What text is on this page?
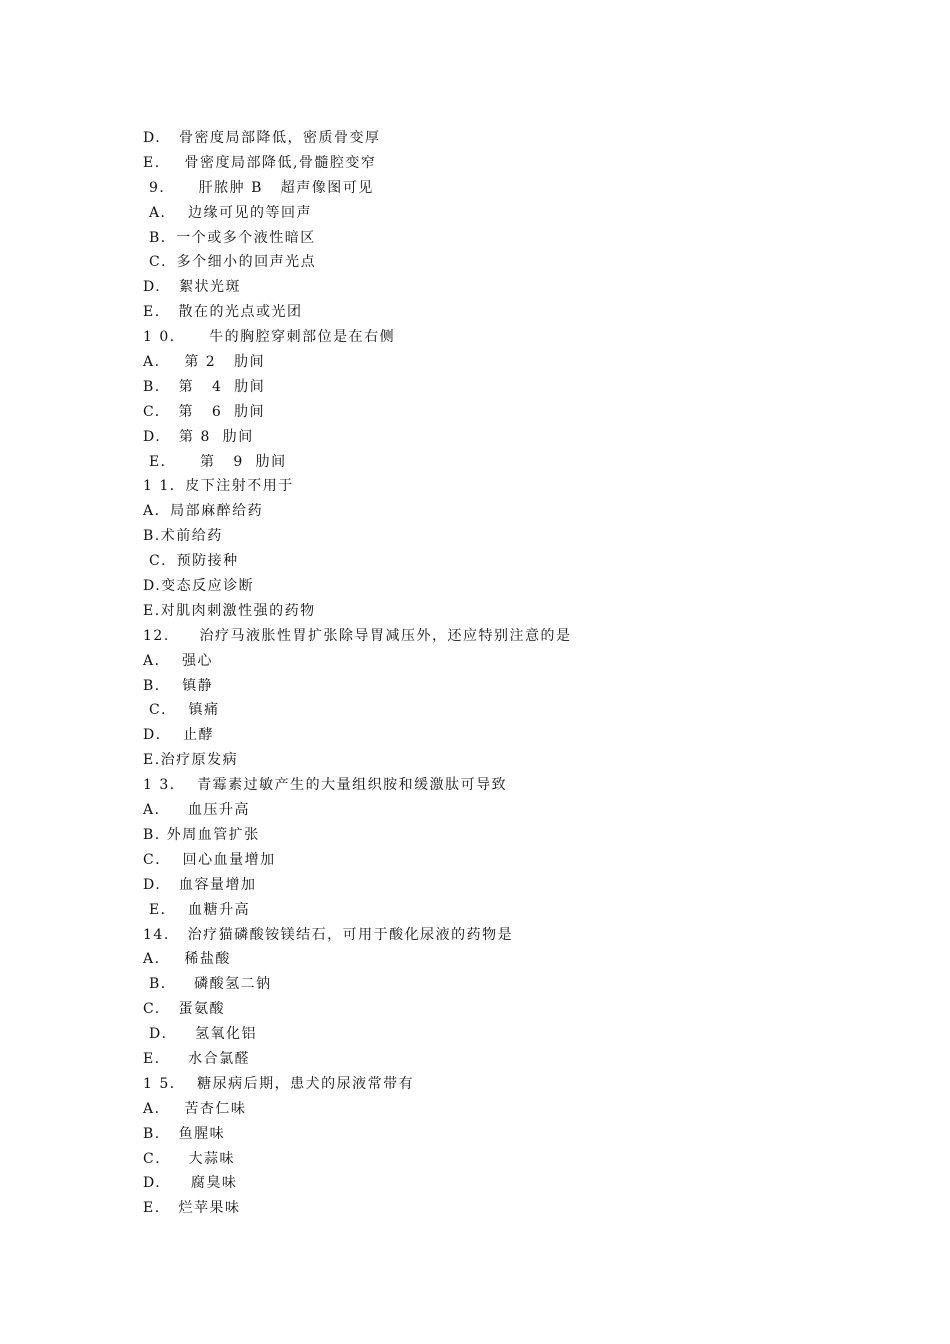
D.   骨密度局部降低，密质骨变厚
E.    骨密度局部降低,骨髓腔变窄
9．    肝脓肿 B   超声像图可见
A．  边缘可见的等回声
B．一个或多个液性暗区
C．多个细小的回声光点
D.   絮状光斑
E.   散在的光点或光团
1 0．    牛的胸腔穿刺部位是在右侧
A.    第 2   肋间
B.   第   4  肋间
C.   第   6  肋间
D.   第 8  肋间
E．    第   9  肋间
1 1．皮下注射不用于
A．局部麻醉给药
B.术前给药
C．预防接种
D.变态反应诊断
E.对肌肉刺激性强的药物
12.     治疗马液胀性胃扩张除导胃减压外，还应特别注意的是
A．  强心
B．  镇静
C．  镇痛
D．  止酵
E.治疗原发病
1 3．  青霉素过敏产生的大量组织胺和缓激肽可导致
A．   血压升高
B. 外周血管扩张
C．  回心血量增加
D.   血容量增加
E．  血糖升高
14.   治疗猫磷酸铵镁结石，可用于酸化尿液的药物是
A.    稀盐酸
B．   磷酸氢二钠
C.   蛋氨酸
D．   氢氧化铝
E．   水合氯醛
1 5．  糖尿病后期，患犬的尿液常带有
A.    苦杏仁味
B.   鱼腥味
C．   大蒜味
D.     腐臭味
E.   烂苹果味
